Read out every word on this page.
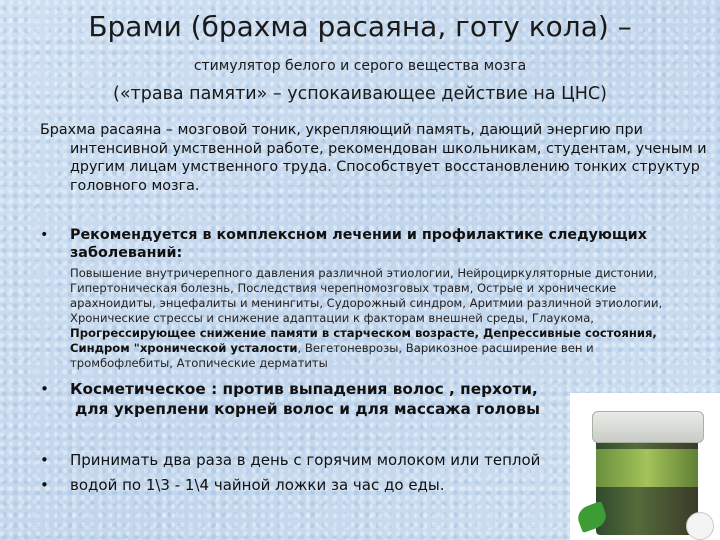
Брами (брахма расаяна, готу кола) –
стимулятор белого и серого вещества мозга
(«трава памяти» – успокаивающее действие на ЦНС)
Брахма расаяна – мозговой тоник, укрепляющий память, дающий энергию при интенсивной умственной работе, рекомендован школьникам, студентам, ученым и другим лицам умственного труда. Способствует восстановлению тонких структур головного мозга.
•	Рекомендуется в комплексном лечении и профилактике следующих заболеваний:
Повышение внутричерепного давления различной этиологии, Нейроциркуляторные дистонии, Гипертоническая болезнь, Последствия черепномозговых травм, Острые и хронические арахноидиты, энцефалиты и менингиты, Судорожный синдром, Аритмии различной этиологии, Хронические стрессы и снижение адаптации к факторам внешней среды, Глаукома, Прогрессирующее снижение памяти в старческом возрасте, Депрессивные состояния, Синдром "хронической усталости, Вегетоневрозы, Варикозное расширение вен и тромбофлебиты, Атопические дерматиты
•	Косметическое : против выпадения волос , перхоти,
для укреплени корней волос и для массажа головы
•	Принимать два раза в день с горячим молоком или теплой
•	водой по 1\3 - 1\4 чайной ложки за час до еды.
